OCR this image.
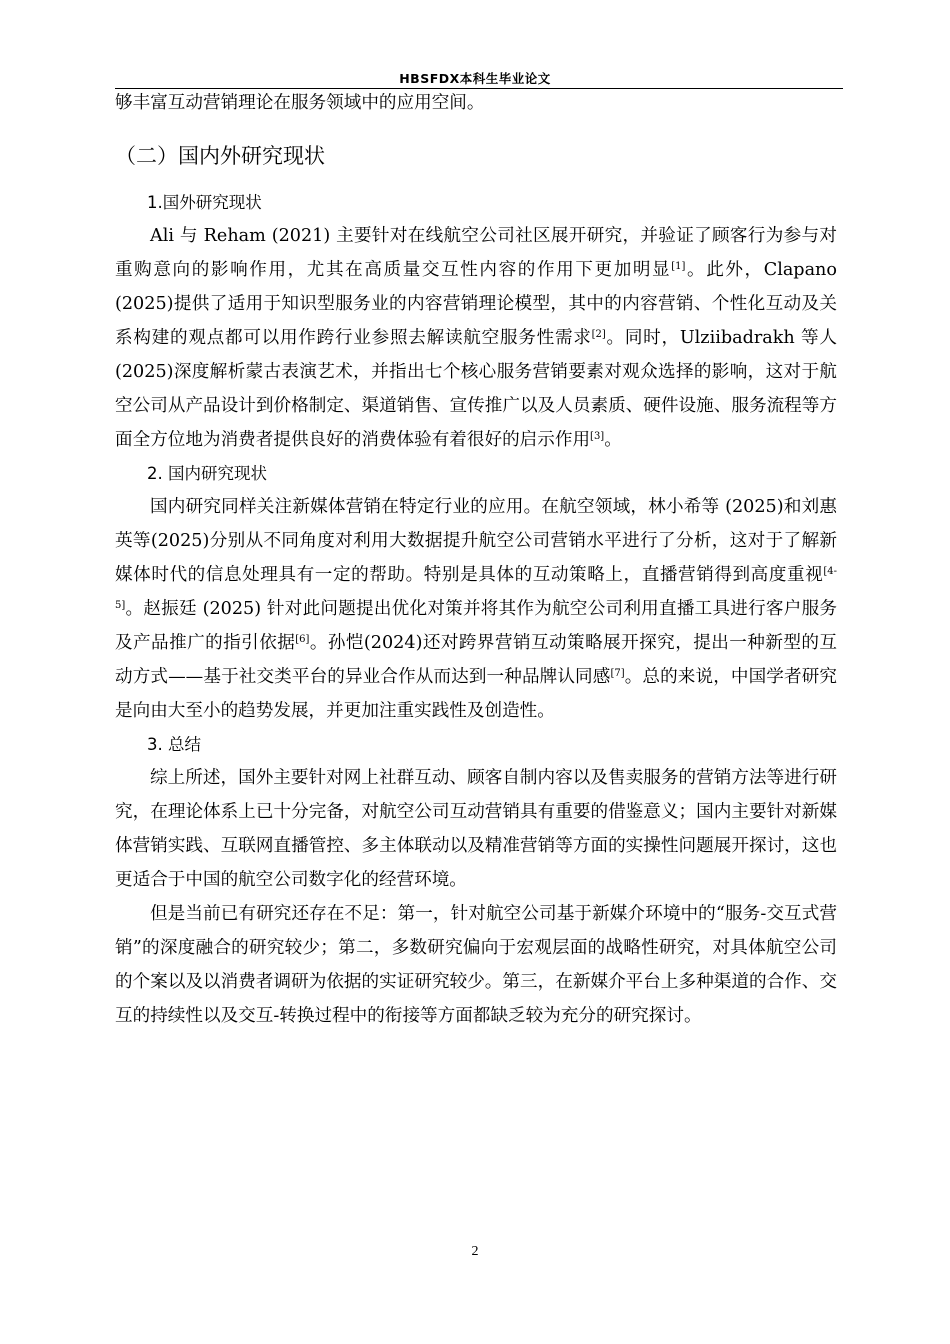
HBSFDX本科生毕业论文

够丰富互动营销理论在服务领域中的应用空间。

（二）国内外研究现状
1.国外研究现状

Ali 与 Reham (2021) 主要针对在线航空公司社区展开研究，并验证了顾客行为参与对重购意向的影响作用，尤其在高质量交互性内容的作用下更加明显[1]。此外，Clapano (2025)提供了适用于知识型服务业的内容营销理论模型，其中的内容营销、个性化互动及关系构建的观点都可以用作跨行业参照去解读航空服务性需求[2]。同时，Ulziibadrakh 等人 (2025)深度解析蒙古表演艺术，并指出七个核心服务营销要素对观众选择的影响，这对于航空公司从产品设计到价格制定、渠道销售、宣传推广以及人员素质、硬件设施、服务流程等方面全方位地为消费者提供良好的消费体验有着很好的启示作用[3]。

2. 国内研究现状

国内研究同样关注新媒体营销在特定行业的应用。在航空领域，林小希等 (2025)和刘惠英等(2025)分别从不同角度对利用大数据提升航空公司营销水平进行了分析，这对于了解新媒体时代的信息处理具有一定的帮助。特别是具体的互动策略上，直播营销得到高度重视[4-5]。赵振廷 (2025) 针对此问题提出优化对策并将其作为航空公司利用直播工具进行客户服务及产品推广的指引依据[6]。孙恺(2024)还对跨界营销互动策略展开探究，提出一种新型的互动方式——基于社交类平台的异业合作从而达到一种品牌认同感[7]。总的来说，中国学者研究是向由大至小的趋势发展，并更加注重实践性及创造性。

3. 总结

综上所述，国外主要针对网上社群互动、顾客自制内容以及售卖服务的营销方法等进行研究，在理论体系上已十分完备，对航空公司互动营销具有重要的借鉴意义；国内主要针对新媒体营销实践、互联网直播管控、多主体联动以及精准营销等方面的实操性问题展开探讨，这也更适合于中国的航空公司数字化的经营环境。

但是当前已有研究还存在不足：第一，针对航空公司基于新媒介环境中的“服务-交互式营销”的深度融合的研究较少；第二，多数研究偏向于宏观层面的战略性研究，对具体航空公司的个案以及以消费者调研为依据的实证研究较少。第三，在新媒介平台上多种渠道的合作、交互的持续性以及交互-转换过程中的衔接等方面都缺乏较为充分的研究探讨。

2
